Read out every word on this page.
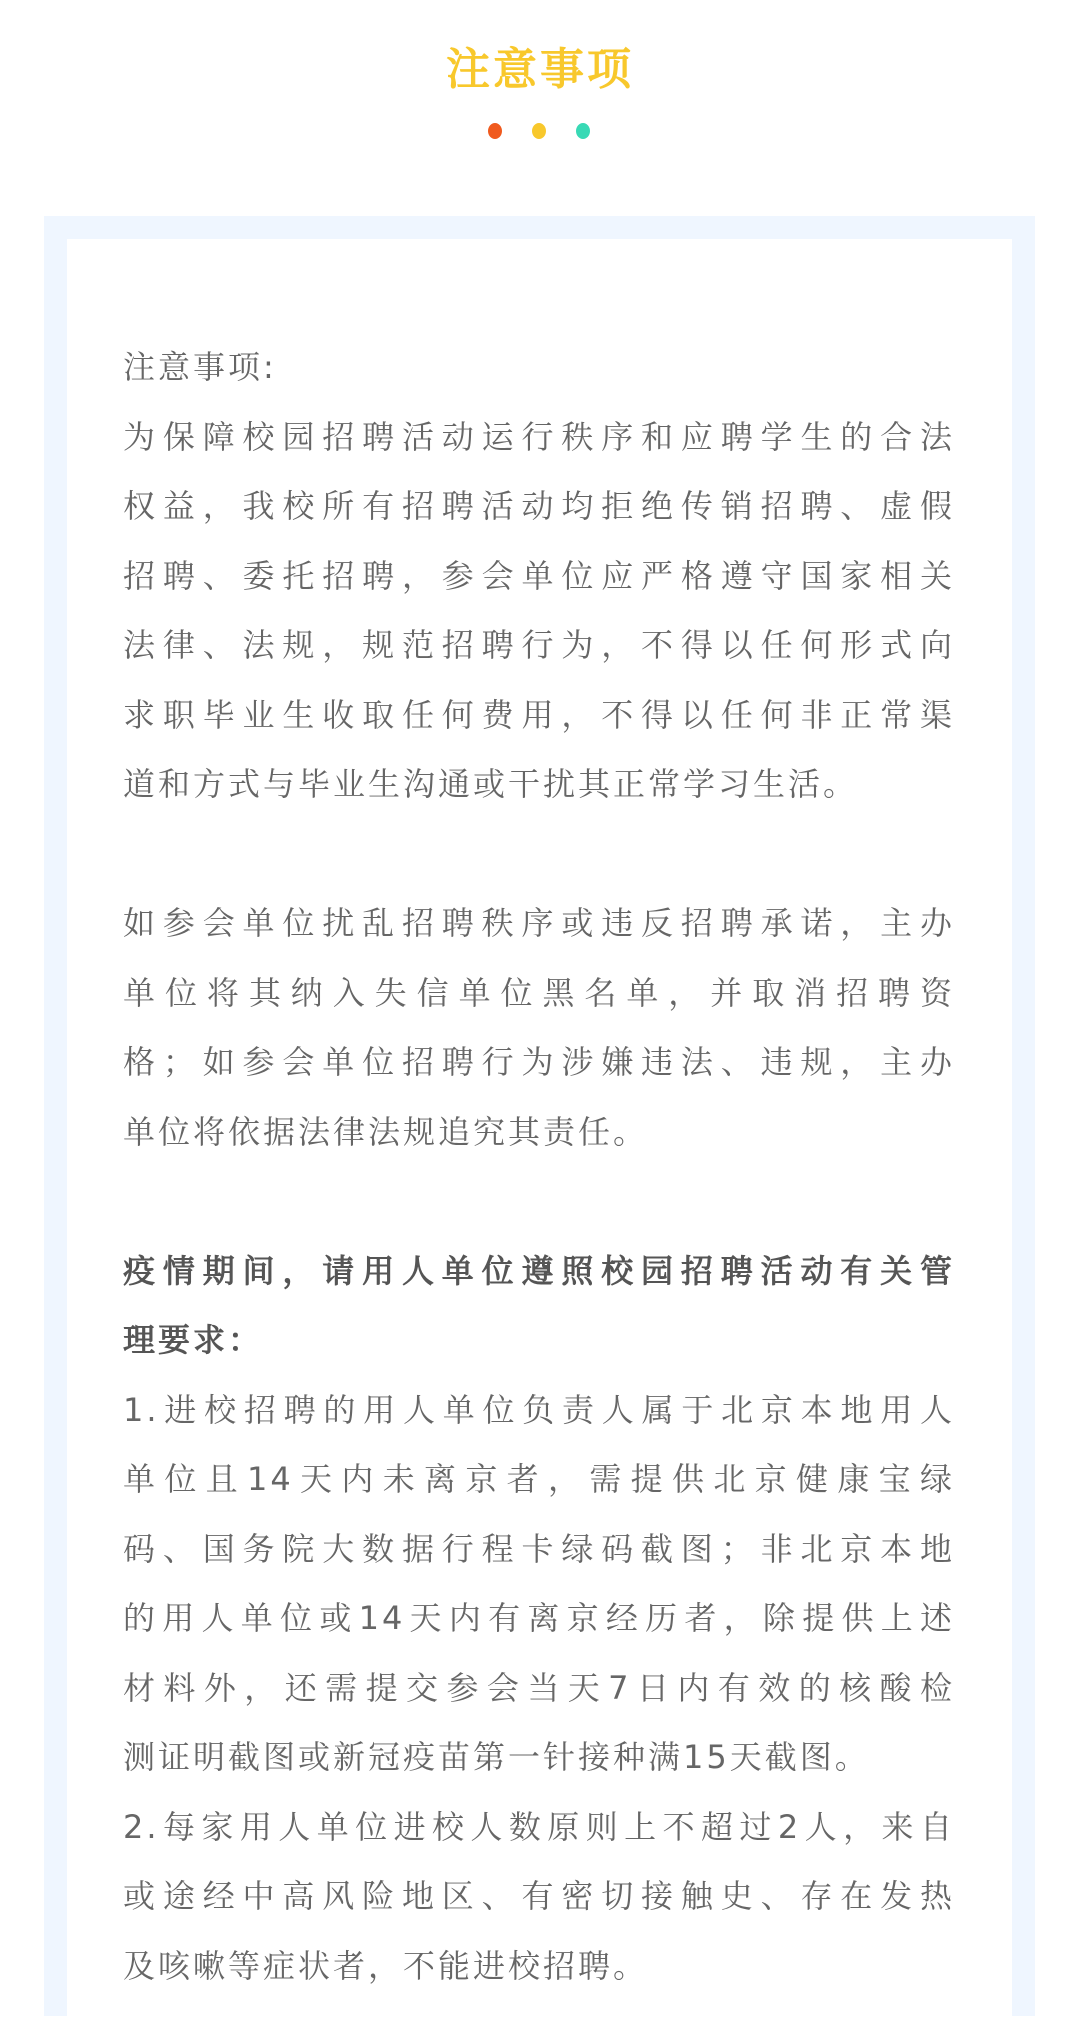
注意事项
注意事项:
为保障校园招聘活动运行秩序和应聘学生的合法
权益，我校所有招聘活动均拒绝传销招聘、虚假
招聘、委托招聘，参会单位应严格遵守国家相关
法律、法规，规范招聘行为，不得以任何形式向
求职毕业生收取任何费用，不得以任何非正常渠
道和方式与毕业生沟通或干扰其正常学习生活。
如参会单位扰乱招聘秩序或违反招聘承诺，主办
单位将其纳入失信单位黑名单，并取消招聘资
格；如参会单位招聘行为涉嫌违法、违规，主办
单位将依据法律法规追究其责任。
疫情期间，请用人单位遵照校园招聘活动有关管
理要求：
1.进校招聘的用人单位负责人属于北京本地用人
单位且14天内未离京者，需提供北京健康宝绿
码、国务院大数据行程卡绿码截图；非北京本地
的用人单位或14天内有离京经历者，除提供上述
材料外，还需提交参会当天7日内有效的核酸检
测证明截图或新冠疫苗第一针接种满15天截图。
2.每家用人单位进校人数原则上不超过2人，来自
或途经中高风险地区、有密切接触史、存在发热
及咳嗽等症状者，不能进校招聘。
